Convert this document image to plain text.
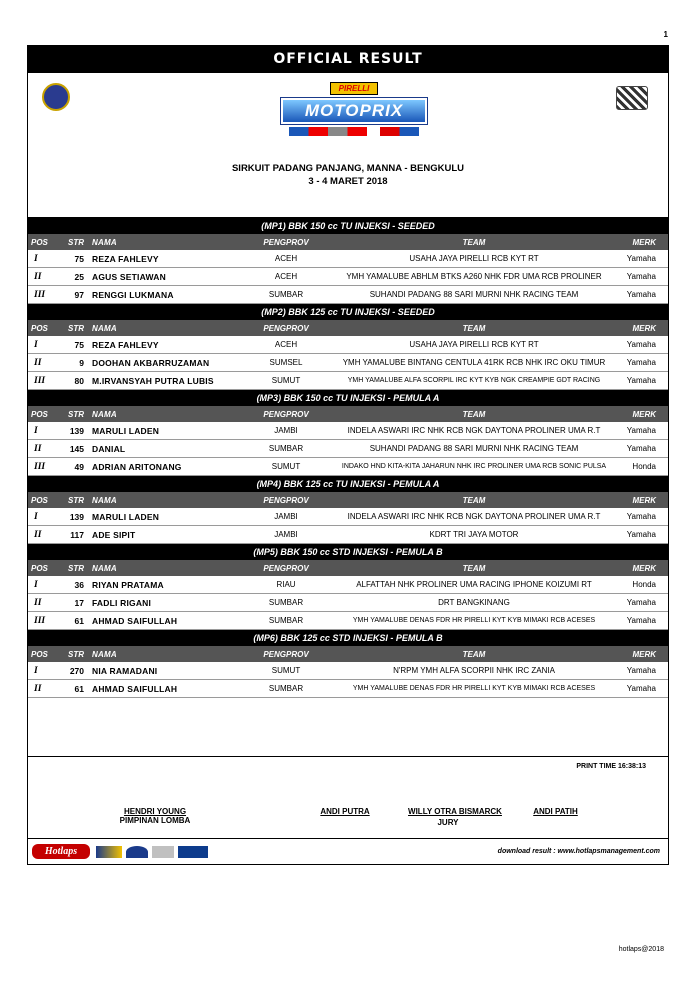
1
OFFICIAL RESULT
PIRELLI
MOTOPRIX
SIRKUIT PADANG PANJANG, MANNA - BENGKULU
3 - 4 MARET 2018
(MP1) BBK 150 cc TU INJEKSI - SEEDED
POS	STR	NAMA	PENGPROV	TEAM	MERK
I	75 REZA FAHLEVY	ACEH	USAHA JAYA PIRELLI RCB KYT RT	Yamaha
II	25 AGUS SETIAWAN	ACEH	YMH YAMALUBE ABHLM BTKS A260 NHK FDR UMA RCB PROLINER	Yamaha
III	97 RENGGI LUKMANA	SUMBAR	SUHANDI PADANG 88 SARI MURNI NHK RACING TEAM	Yamaha
(MP2) BBK 125 cc TU INJEKSI - SEEDED
POS	STR	NAMA	PENGPROV	TEAM	MERK
I	75 REZA FAHLEVY	ACEH	USAHA JAYA PIRELLI RCB KYT RT	Yamaha
II	9 DOOHAN AKBARRUZAMAN	SUMSEL	YMH YAMALUBE BINTANG CENTULA 41RK RCB NHK IRC OKU TIMUR	Yamaha
III	80 M.IRVANSYAH PUTRA LUBIS	SUMUT	YMH YAMALUBE ALFA SCORPIL IRC KYT KYB NGK CREAMPIE GDT RACING	Yamaha
(MP3) BBK 150 cc TU INJEKSI - PEMULA A
POS	STR	NAMA	PENGPROV	TEAM	MERK
I	139 MARULI LADEN	JAMBI	INDELA ASWARI IRC NHK RCB NGK DAYTONA PROLINER UMA R.T	Yamaha
II	145 DANIAL	SUMBAR	SUHANDI PADANG 88 SARI MURNI NHK RACING TEAM	Yamaha
III	49 ADRIAN ARITONANG	SUMUT	INDAKO HND KITA-KITA JAHARUN NHK IRC PROLINER UMA RCB SONIC PULSA	Honda
(MP4) BBK 125 cc TU INJEKSI - PEMULA A
POS	STR	NAMA	PENGPROV	TEAM	MERK
I	139 MARULI LADEN	JAMBI	INDELA ASWARI IRC NHK RCB NGK DAYTONA PROLINER UMA R.T	Yamaha
II	117 ADE SIPIT	JAMBI	KDRT TRI JAYA MOTOR	Yamaha
(MP5) BBK 150 cc STD INJEKSI - PEMULA B
POS	STR	NAMA	PENGPROV	TEAM	MERK
I	36 RIYAN PRATAMA	RIAU	ALFATTAH NHK PROLINER UMA RACING IPHONE KOIZUMI RT	Honda
II	17 FADLI RIGANI	SUMBAR	DRT BANGKINANG	Yamaha
III	61 AHMAD SAIFULLAH	SUMBAR	YMH YAMALUBE DENAS FDR HR PIRELLI KYT KYB MIMAKI RCB ACESES	Yamaha
(MP6) BBK 125 cc STD INJEKSI - PEMULA B
POS	STR	NAMA	PENGPROV	TEAM	MERK
I	270 NIA RAMADANI	SUMUT	N'RPM YMH ALFA SCORPII NHK IRC ZANIA	Yamaha
II	61 AHMAD SAIFULLAH	SUMBAR	YMH YAMALUBE DENAS FDR HR PIRELLI KYT KYB MIMAKI RCB ACESES	Yamaha
PRINT TIME 16:38:13
HENDRI YOUNG
PIMPINAN LOMBA
ANDI PUTRA	WILLY OTRA BISMARCK	ANDI PATIH
JURY
Hotlaps	download result : www.hotlapsmanagement.com
hotlaps@2018
